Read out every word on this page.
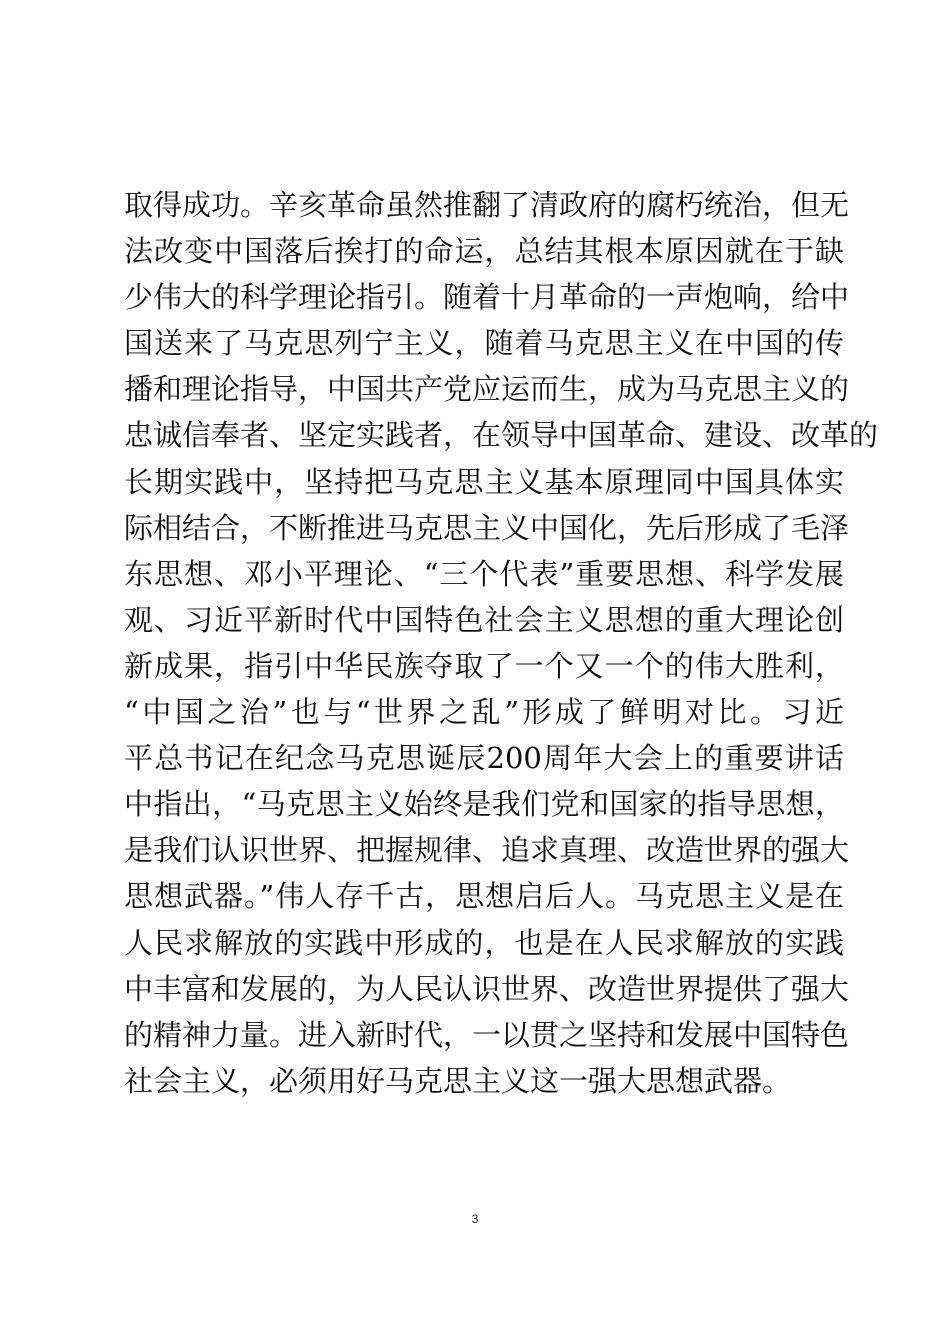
取得成功。辛亥革命虽然推翻了清政府的腐朽统治，但无
法改变中国落后挨打的命运，总结其根本原因就在于缺
少伟大的科学理论指引。随着十月革命的一声炮响，给中
国送来了马克思列宁主义，随着马克思主义在中国的传
播和理论指导，中国共产党应运而生，成为马克思主义的
忠诚信奉者、坚定实践者，在领导中国革命、建设、改革的
长期实践中，坚持把马克思主义基本原理同中国具体实
际相结合，不断推进马克思主义中国化，先后形成了毛泽
东思想、邓小平理论、“三个代表”重要思想、科学发展
观、习近平新时代中国特色社会主义思想的重大理论创
新成果，指引中华民族夺取了一个又一个的伟大胜利，
“中国之治”也与“世界之乱”形成了鲜明对比。习近
平总书记在纪念马克思诞辰200周年大会上的重要讲话
中指出，“马克思主义始终是我们党和国家的指导思想，
是我们认识世界、把握规律、追求真理、改造世界的强大
思想武器。”伟人存千古，思想启后人。马克思主义是在
人民求解放的实践中形成的，也是在人民求解放的实践
中丰富和发展的，为人民认识世界、改造世界提供了强大
的精神力量。进入新时代，一以贯之坚持和发展中国特色
社会主义，必须用好马克思主义这一强大思想武器。
3
